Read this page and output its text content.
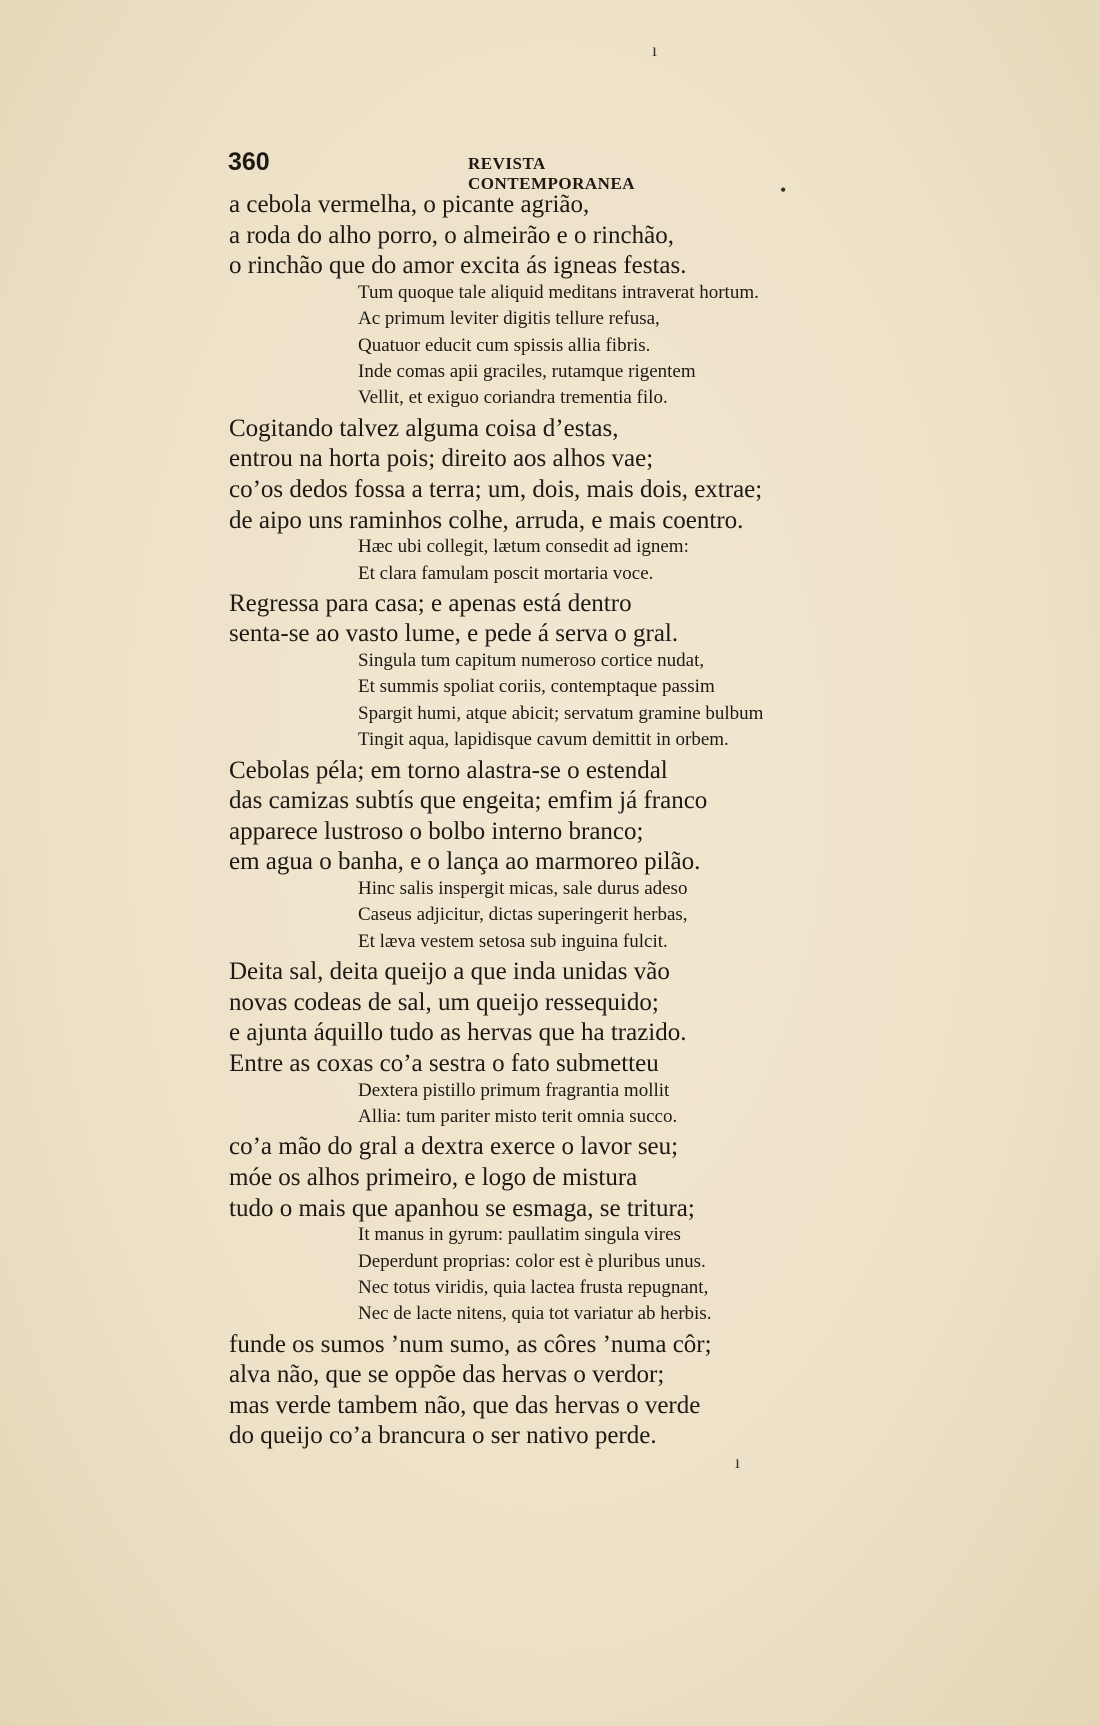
360	REVISTA CONTEMPORANEA
a cebola vermelha, o picante agrião,
a roda do alho porro, o almeirão e o rinchão,
o rinchão que do amor excita ás igneas festas.
Tum quoque tale aliquid meditans intraverat hortum.
Ac primum leviter digitis tellure refusa,
Quatuor educit cum spissis allia fibris.
Inde comas apii graciles, rutamque rigentem
Vellit, et exiguo coriandra trementia filo.
Cogitando talvez alguma coisa d’estas,
entrou na horta pois; direito aos alhos vae;
co’os dedos fossa a terra; um, dois, mais dois, extrae;
de aipo uns raminhos colhe, arruda, e mais coentro.
Hæc ubi collegit, lætum consedit ad ignem:
Et clara famulam poscit mortaria voce.
Regressa para casa; e apenas está dentro
senta-se ao vasto lume, e pede á serva o gral.
Singula tum capitum numeroso cortice nudat,
Et summis spoliat coriis, contemptaque passim
Spargit humi, atque abicit; servatum gramine bulbum
Tingit aqua, lapidisque cavum demittit in orbem.
Cebolas péla; em torno alastra-se o estendal
das camizas subtís que engeita; emfim já franco
apparece lustroso o bolbo interno branco;
em agua o banha, e o lança ao marmoreo pilão.
Hinc salis inspergit micas, sale durus adeso
Caseus adjicitur, dictas superingerit herbas,
Et læva vestem setosa sub inguina fulcit.
Deita sal, deita queijo a que inda unidas vão
novas codeas de sal, um queijo ressequido;
e ajunta áquillo tudo as hervas que ha trazido.
Entre as coxas co’a sestra o fato submetteu
Dextera pistillo primum fragrantia mollit
Allia: tum pariter misto terit omnia succo.
co’a mão do gral a dextra exerce o lavor seu;
móe os alhos primeiro, e logo de mistura
tudo o mais que apanhou se esmaga, se tritura;
It manus in gyrum: paullatim singula vires
Deperdunt proprias: color est è pluribus unus.
Nec totus viridis, quia lactea frusta repugnant,
Nec de lacte nitens, quia tot variatur ab herbis.
funde os sumos ’num sumo, as côres ’numa côr;
alva não, que se oppõe das hervas o verdor;
mas verde tambem não, que das hervas o verde
do queijo co’a brancura o ser nativo perde.
ı
•
ı
